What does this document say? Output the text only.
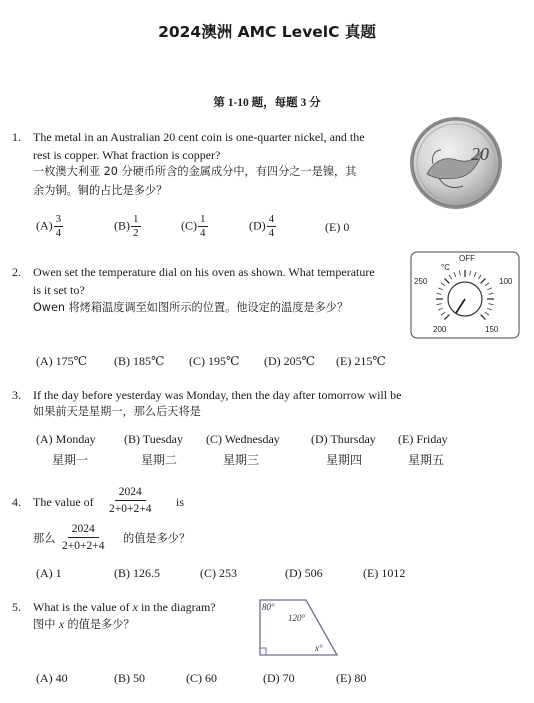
2024澳洲 AMC LevelC 真题
第 1-10 题，每题 3 分
1. The metal in an Australian 20 cent coin is one-quarter nickel, and the
rest is copper. What fraction is copper?
一枚澳大利亚 20 分硬币所含的金属成分中，有四分之一是镍，其
余为铜。铜的占比是多少？
$(A) \frac{3}{4}$	$(B) \frac{1}{2}$	$(C) \frac{1}{4}$	$(D) \frac{4}{4}$	(E) 0
20
2. Owen set the temperature dial on his oven as shown. What temperature
is it set to?
Owen 将烤箱温度调至如图所示的位置。他设定的温度是多少？
OFF
°C
250	100
200	150
(A) 175℃ (B) 185℃ (C) 195℃ (D) 205℃ (E) 215℃
3. If the day before yesterday was Monday, then the day after tomorrow will be
如果前天是星期一，那么后天将是
(A) Monday
星期一
(B) Tuesday
星期二
(C) Wednesday
星期三
(D) Thursday
星期四
(E) Friday
星期五
4. The value of $\frac{2024}{2+0+2+4}$ is
那么 $\frac{2024}{2+0+2+4}$ 的值是多少？
(A) 1	(B) 126.5	(C) 253	(D) 506	(E) 1012
5. What is the value of x in the diagram?
图中 x 的值是多少？
80°
120°
x°
(A) 40	(B) 50	(C) 60	(D) 70	(E) 80
